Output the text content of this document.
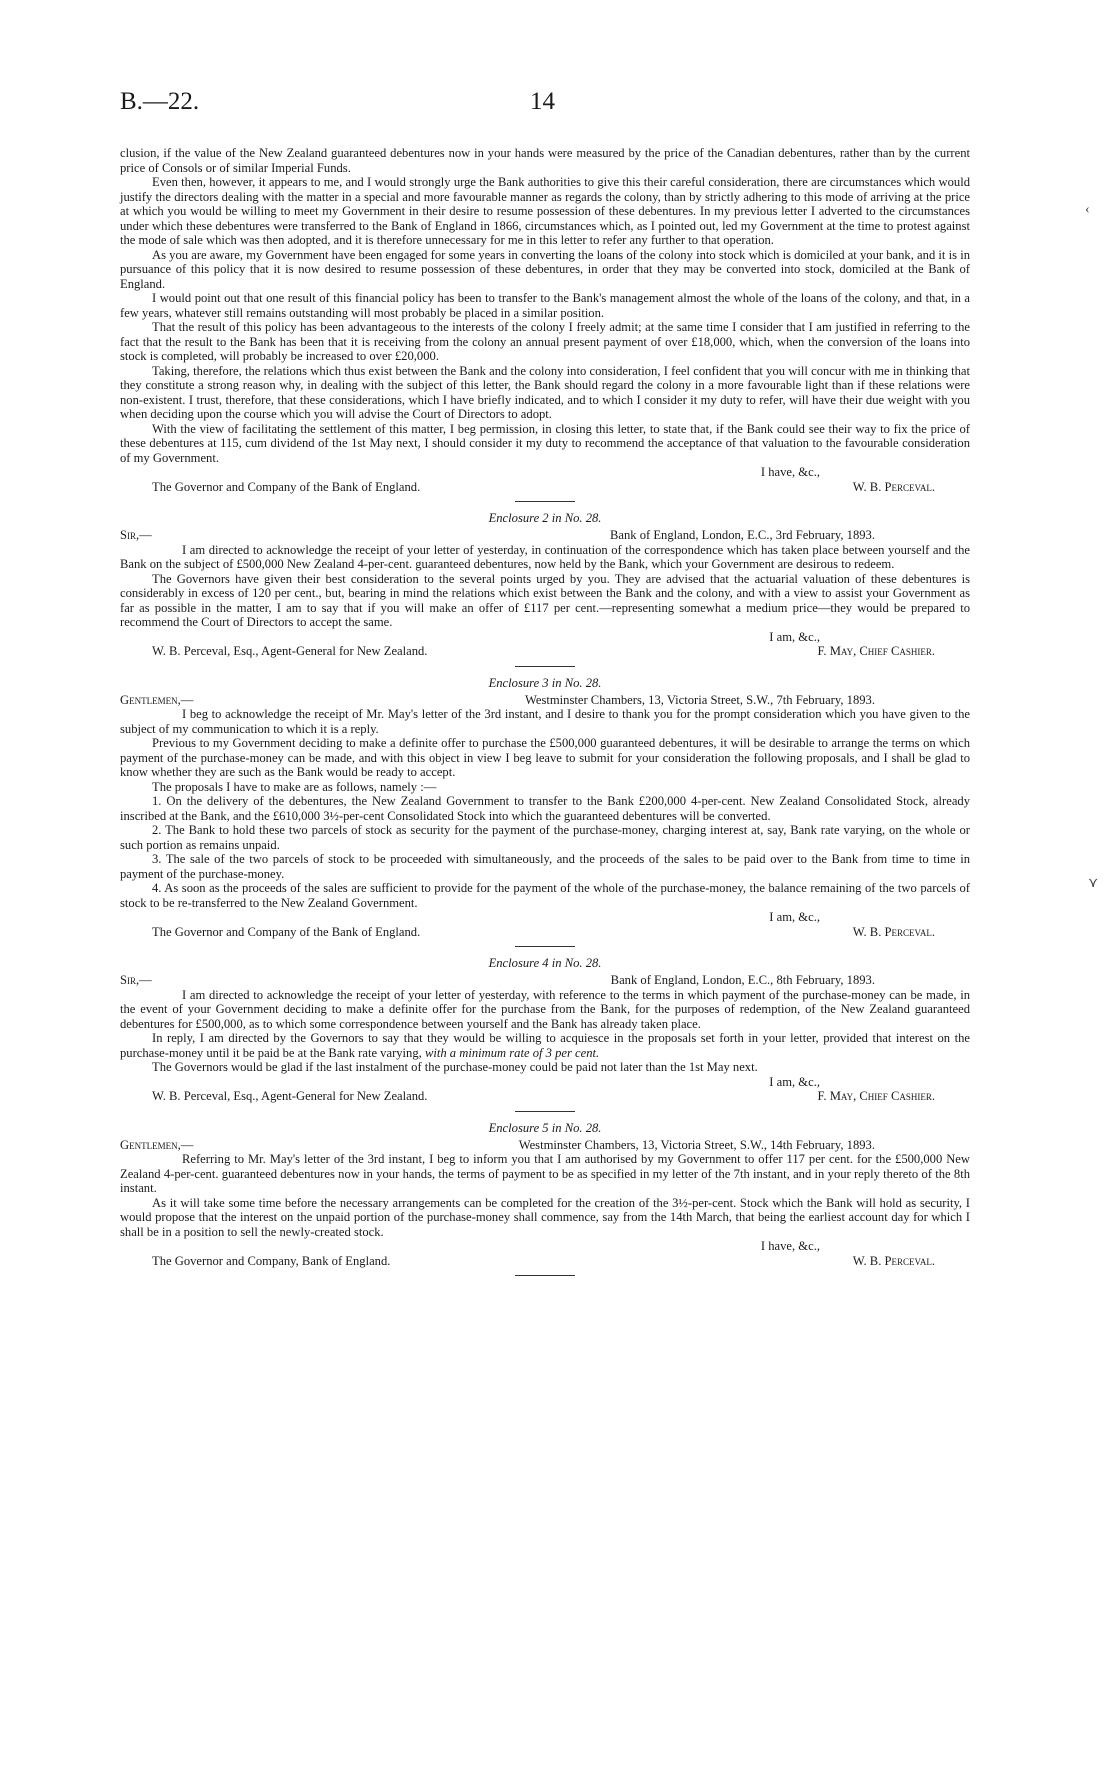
‹
⋎
B.—22.	14

clusion, if the value of the New Zealand guaranteed debentures now in your hands were measured by the price of the Canadian debentures, rather than by the current price of Consols or of similar Imperial Funds.

Even then, however, it appears to me, and I would strongly urge the Bank authorities to give this their careful consideration, there are circumstances which would justify the directors dealing with the matter in a special and more favourable manner as regards the colony, than by strictly adhering to this mode of arriving at the price at which you would be willing to meet my Government in their desire to resume possession of these debentures. In my previous letter I adverted to the circumstances under which these debentures were transferred to the Bank of England in 1866, circumstances which, as I pointed out, led my Government at the time to protest against the mode of sale which was then adopted, and it is therefore unnecessary for me in this letter to refer any further to that operation.

As you are aware, my Government have been engaged for some years in converting the loans of the colony into stock which is domiciled at your bank, and it is in pursuance of this policy that it is now desired to resume possession of these debentures, in order that they may be converted into stock, domiciled at the Bank of England.

I would point out that one result of this financial policy has been to transfer to the Bank's management almost the whole of the loans of the colony, and that, in a few years, whatever still remains outstanding will most probably be placed in a similar position.

That the result of this policy has been advantageous to the interests of the colony I freely admit; at the same time I consider that I am justified in referring to the fact that the result to the Bank has been that it is receiving from the colony an annual present payment of over £18,000, which, when the conversion of the loans into stock is completed, will probably be increased to over £20,000.

Taking, therefore, the relations which thus exist between the Bank and the colony into consideration, I feel confident that you will concur with me in thinking that they constitute a strong reason why, in dealing with the subject of this letter, the Bank should regard the colony in a more favourable light than if these relations were non-existent. I trust, therefore, that these considerations, which I have briefly indicated, and to which I consider it my duty to refer, will have their due weight with you when deciding upon the course which you will advise the Court of Directors to adopt.

With the view of facilitating the settlement of this matter, I beg permission, in closing this letter, to state that, if the Bank could see their way to fix the price of these debentures at 115, cum dividend of the 1st May next, I should consider it my duty to recommend the acceptance of that valuation to the favourable consideration of my Government.

I have, &c.,
The Governor and Company of the Bank of England.	W. B. Perceval.
Enclosure 2 in No. 28.
Sir,—	Bank of England, London, E.C., 3rd February, 1893.

I am directed to acknowledge the receipt of your letter of yesterday, in continuation of the correspondence which has taken place between yourself and the Bank on the subject of £500,000 New Zealand 4-per-cent. guaranteed debentures, now held by the Bank, which your Government are desirous to redeem.

The Governors have given their best consideration to the several points urged by you. They are advised that the actuarial valuation of these debentures is considerably in excess of 120 per cent., but, bearing in mind the relations which exist between the Bank and the colony, and with a view to assist your Government as far as possible in the matter, I am to say that if you will make an offer of £117 per cent.—representing somewhat a medium price—they would be prepared to recommend the Court of Directors to accept the same.

I am, &c.,
W. B. Perceval, Esq., Agent-General for New Zealand.	F. May, Chief Cashier.
Enclosure 3 in No. 28.
Gentlemen,—	Westminster Chambers, 13, Victoria Street, S.W., 7th February, 1893.

I beg to acknowledge the receipt of Mr. May's letter of the 3rd instant, and I desire to thank you for the prompt consideration which you have given to the subject of my communication to which it is a reply.

Previous to my Government deciding to make a definite offer to purchase the £500,000 guaranteed debentures, it will be desirable to arrange the terms on which payment of the purchase-money can be made, and with this object in view I beg leave to submit for your consideration the following proposals, and I shall be glad to know whether they are such as the Bank would be ready to accept.

The proposals I have to make are as follows, namely :—

1. On the delivery of the debentures, the New Zealand Government to transfer to the Bank £200,000 4-per-cent. New Zealand Consolidated Stock, already inscribed at the Bank, and the £610,000 3½-per-cent Consolidated Stock into which the guaranteed debentures will be converted.

2. The Bank to hold these two parcels of stock as security for the payment of the purchase-money, charging interest at, say, Bank rate varying, on the whole or such portion as remains unpaid.

3. The sale of the two parcels of stock to be proceeded with simultaneously, and the proceeds of the sales to be paid over to the Bank from time to time in payment of the purchase-money.

4. As soon as the proceeds of the sales are sufficient to provide for the payment of the whole of the purchase-money, the balance remaining of the two parcels of stock to be re-transferred to the New Zealand Government.

I am, &c.,
The Governor and Company of the Bank of England.	W. B. Perceval.
Enclosure 4 in No. 28.
Sir,—	Bank of England, London, E.C., 8th February, 1893.

I am directed to acknowledge the receipt of your letter of yesterday, with reference to the terms in which payment of the purchase-money can be made, in the event of your Government deciding to make a definite offer for the purchase from the Bank, for the purposes of redemption, of the New Zealand guaranteed debentures for £500,000, as to which some correspondence between yourself and the Bank has already taken place.

In reply, I am directed by the Governors to say that they would be willing to acquiesce in the proposals set forth in your letter, provided that interest on the purchase-money until it be paid be at the Bank rate varying, with a minimum rate of 3 per cent.

The Governors would be glad if the last instalment of the purchase-money could be paid not later than the 1st May next.

I am, &c.,
W. B. Perceval, Esq., Agent-General for New Zealand.	F. May, Chief Cashier.
Enclosure 5 in No. 28.
Gentlemen,—	Westminster Chambers, 13, Victoria Street, S.W., 14th February, 1893.

Referring to Mr. May's letter of the 3rd instant, I beg to inform you that I am authorised by my Government to offer 117 per cent. for the £500,000 New Zealand 4-per-cent. guaranteed debentures now in your hands, the terms of payment to be as specified in my letter of the 7th instant, and in your reply thereto of the 8th instant.

As it will take some time before the necessary arrangements can be completed for the creation of the 3½-per-cent. Stock which the Bank will hold as security, I would propose that the interest on the unpaid portion of the purchase-money shall commence, say from the 14th March, that being the earliest account day for which I shall be in a position to sell the newly-created stock.

I have, &c.,
The Governor and Company, Bank of England.	W. B. Perceval.
